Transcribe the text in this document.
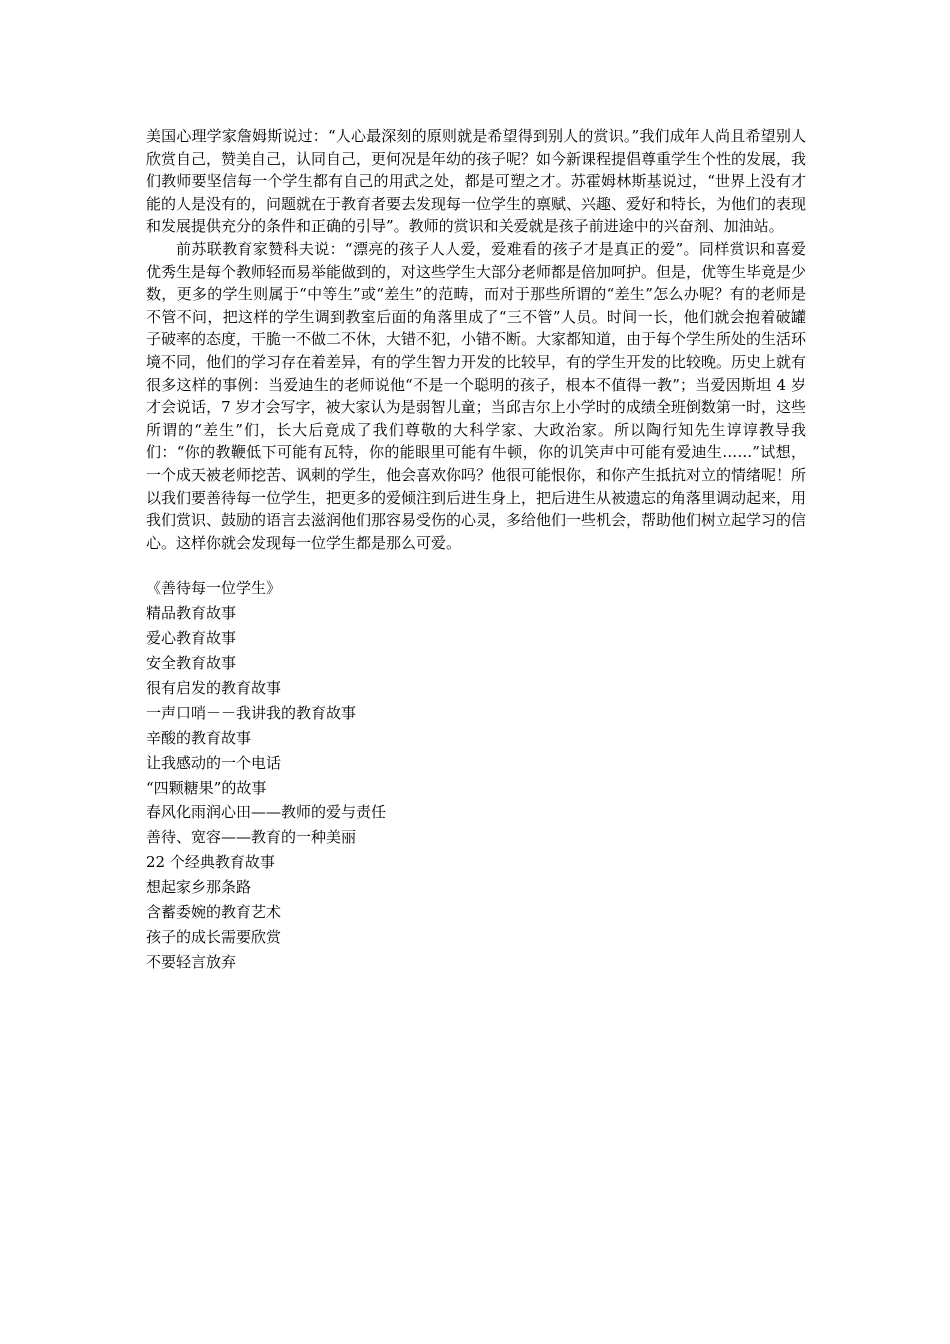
美国心理学家詹姆斯说过：“人心最深刻的原则就是希望得到别人的赏识。”我们成年人尚且希望别人欣赏自己，赞美自己，认同自己，更何况是年幼的孩子呢？如今新课程提倡尊重学生个性的发展，我们教师要坚信每一个学生都有自己的用武之处，都是可塑之才。苏霍姆林斯基说过，“世界上没有才能的人是没有的，问题就在于教育者要去发现每一位学生的禀赋、兴趣、爱好和特长，为他们的表现和发展提供充分的条件和正确的引导”。教师的赏识和关爱就是孩子前进途中的兴奋剂、加油站。

前苏联教育家赞科夫说：“漂亮的孩子人人爱，爱难看的孩子才是真正的爱”。同样赏识和喜爱优秀生是每个教师轻而易举能做到的，对这些学生大部分老师都是倍加呵护。但是，优等生毕竟是少数，更多的学生则属于“中等生”或“差生”的范畴，而对于那些所谓的“差生”怎么办呢？有的老师是不管不问，把这样的学生调到教室后面的角落里成了“三不管”人员。时间一长，他们就会抱着破罐子破率的态度，干脆一不做二不休，大错不犯，小错不断。大家都知道，由于每个学生所处的生活环境不同，他们的学习存在着差异，有的学生智力开发的比较早，有的学生开发的比较晚。历史上就有很多这样的事例：当爱迪生的老师说他“不是一个聪明的孩子，根本不值得一教”；当爱因斯坦 4 岁才会说话，7 岁才会写字，被大家认为是弱智儿童；当邱吉尔上小学时的成绩全班倒数第一时，这些所谓的“差生”们，长大后竟成了我们尊敬的大科学家、大政治家。所以陶行知先生谆谆教导我们：“你的教鞭低下可能有瓦特，你的能眼里可能有牛顿，你的讥笑声中可能有爱迪生……”试想，一个成天被老师挖苦、讽刺的学生，他会喜欢你吗？他很可能恨你，和你产生抵抗对立的情绪呢！所以我们要善待每一位学生，把更多的爱倾注到后进生身上，把后进生从被遗忘的角落里调动起来，用我们赏识、鼓励的语言去滋润他们那容易受伤的心灵，多给他们一些机会，帮助他们树立起学习的信心。这样你就会发现每一位学生都是那么可爱。

《善待每一位学生》
精品教育故事
爱心教育故事
安全教育故事
很有启发的教育故事
一声口哨－－我讲我的教育故事
辛酸的教育故事
让我感动的一个电话
“四颗糖果”的故事
春风化雨润心田——教师的爱与责任
善待、宽容——教育的一种美丽
22 个经典教育故事
想起家乡那条路
含蓄委婉的教育艺术
孩子的成长需要欣赏
不要轻言放弃
